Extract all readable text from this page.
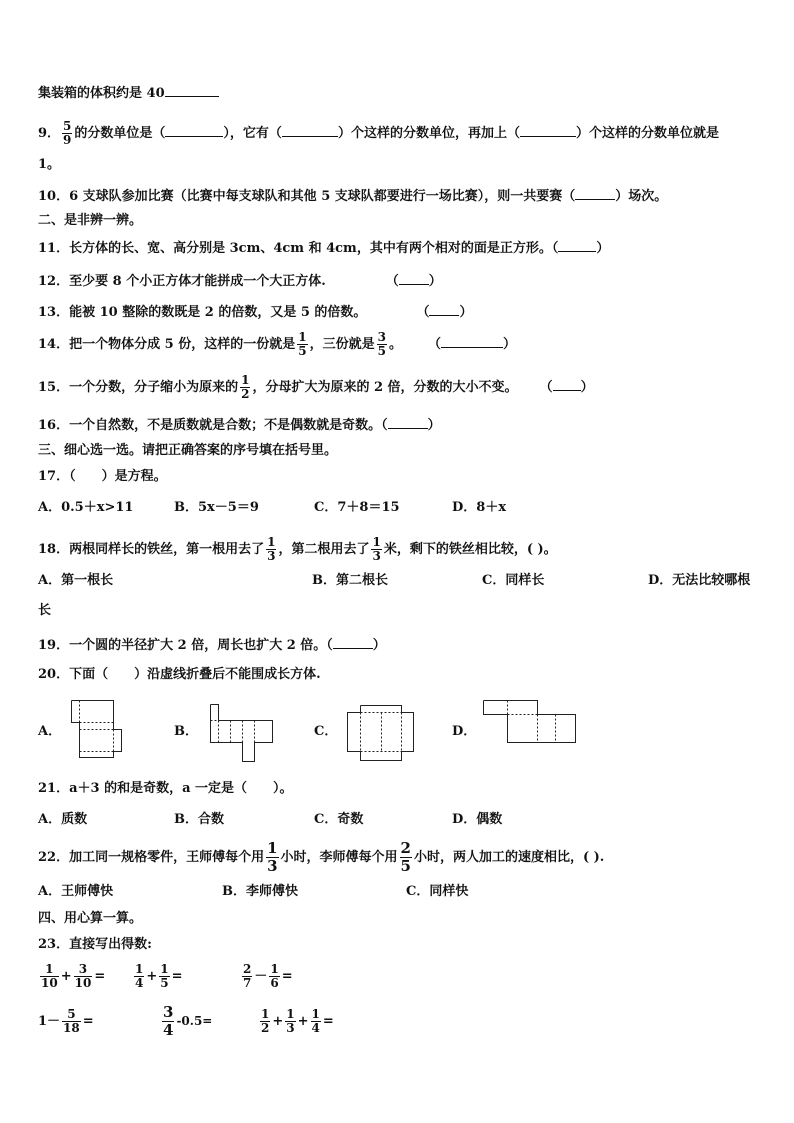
集装箱的体积约是 40
9． $\frac{5}{9}$ 的分数单位是（	），它有（	）个这样的分数单位，再加上（	）个这样的分数单位就是
1。
10．6 支球队参加比赛（比赛中每支球队和其他 5 支球队都要进行一场比赛），则一共要赛（	）场次。
二、是非辨一辨。
11．长方体的长、宽、高分别是 3cm、4cm 和 4cm，其中有两个相对的面是正方形。（	）
12．至少要 8 个小正方体才能拼成一个大正方体.	（ ）
13．能被 10 整除的数既是 2 的倍数，又是 5 的倍数。	（ ）
14．把一个物体分成 5 份，这样的一份就是 $\frac{1}{5}$ ，三份就是 $\frac{3}{5}$ 。 （	）
15．一个分数，分子缩小为原来的 $\frac{1}{2}$ ，分母扩大为原来的 2 倍，分数的大小不变。 （ ）
16．一个自然数，不是质数就是合数；不是偶数就是奇数。（	）
三、细心选一选。请把正确答案的序号填在括号里。
17．（　　）是方程。
A．0.5＋x>11	B．5x－5＝9	C．7＋8＝15	D．8＋x
18．两根同样长的铁丝，第一根用去了 $\frac{1}{3}$ ，第二根用去了 $\frac{1}{3}$ 米，剩下的铁丝相比较，( )。
A．第一根长	B．第二根长	C．同样长	D．无法比较哪根
长
19．一个圆的半径扩大 2 倍，周长也扩大 2 倍。（	）
20．下面（　　）沿虚线折叠后不能围成长方体.
A．	B．	C．	D．
21．a＋3 的和是奇数，a 一定是（　　）。
A．质数	B．合数	C．奇数	D．偶数
22．加工同一规格零件，王师傅每个用 $\frac{1}{3}$ 小时，李师傅每个用 $\frac{2}{5}$ 小时，两人加工的速度相比，( ).
A．王师傅快	B．李师傅快	C．同样快
四、用心算一算。
23．直接写出得数:
$\frac{1}{10} + \frac{3}{10} = \frac{1}{4} + \frac{1}{5}$ =	$\frac{2}{7} - \frac{1}{6}$ =
$1- \frac{5}{18}$ =	$\frac{3}{4} -0.5=$	$\frac{1}{2} + \frac{1}{3} + \frac{1}{4}$ =
